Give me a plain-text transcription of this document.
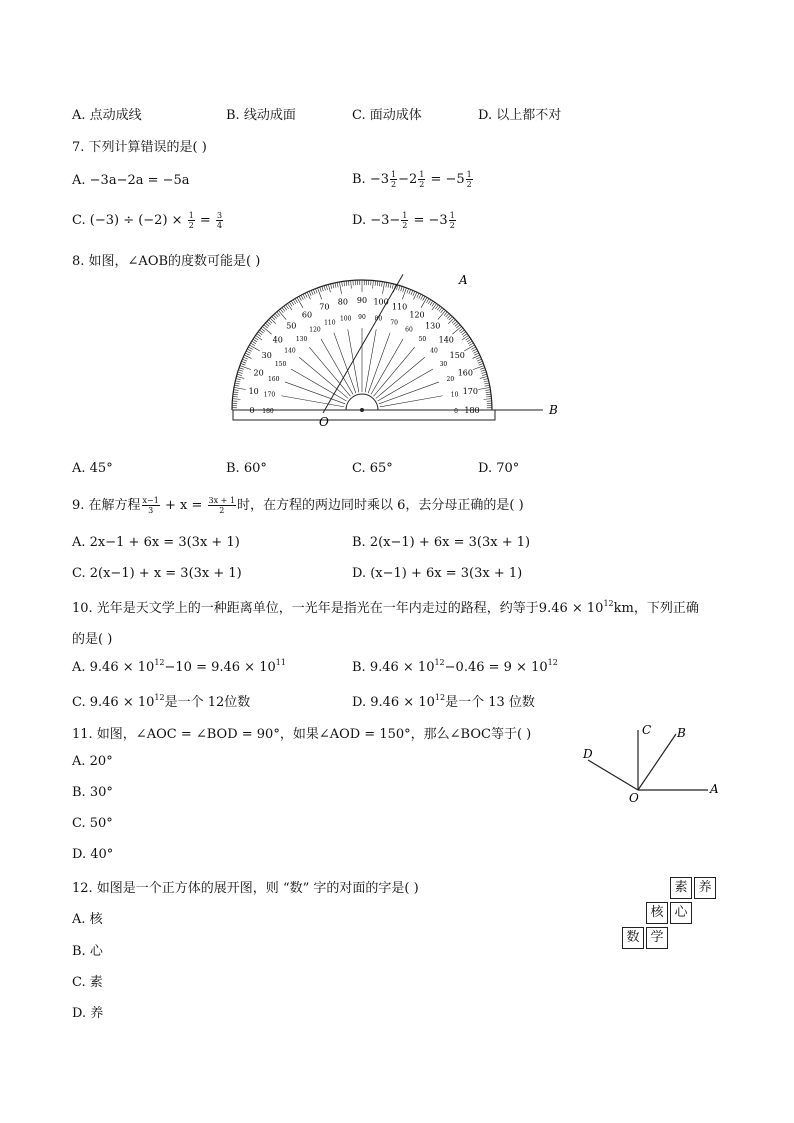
A. 点动成线	B. 线动成面	C. 面动成体	D. 以上都不对
7. 下列计算错误的是( )
A. −3a−2a = −5a	B. $-3 \frac{1}{2} -2 \frac{1}{2} = -5 \frac{1}{2}$
C. $(-3) \div (-2) \times \frac{1}{2} = \frac{3}{4}$	D. $-3- \frac{1}{2} = -3 \frac{1}{2}$
8. 如图，∠AOB的度数可能是( )
0 180
10 170
20
160
30
150
40
140
50
130
60
120
70
110
80
100
90
90
100
80
110
70
120
60 130
50 140
40 150
30
160
20
170
10
180
0
A
B
O
A. 45°	B. 60°	C. 65°	D. 70°
9. 在解方程 $\frac{x-1}{3} + x = \frac{3x + 1}{2}$ 时，在方程的两边同时乘以 6，去分母正确的是( )
A. 2x−1 + 6x = 3(3x + 1)	B. 2(x−1) + 6x = 3(3x + 1)
C. 2(x−1) + x = 3(3x + 1)	D. (x−1) + 6x = 3(3x + 1)
10. 光年是天文学上的一种距离单位，一光年是指光在一年内走过的路程，约等于$9.46 \times 10^{12}km$，下列正确
的是( )
A. $9.46 \times 10^{12}-10 = 9.46 \times 10^{11}$	B. $9.46 \times 10^{12}-0.46 = 9 \times 10^{12}$
C. $9.46 \times 10^{12}$是一个 12位数	D. $9.46 \times 10^{12}$是一个 13 位数
11. 如图，∠AOC = ∠BOD = 90°，如果∠AOD = 150°，那么∠BOC等于( )
A. 20°
B. 30°
C. 50°
D. 40°
A
B
C
D
O
12. 如图是一个正方体的展开图，则 “数” 字的对面的字是( )
A. 核
B. 心
C. 素
D. 养
素 养
核 心
数 学
